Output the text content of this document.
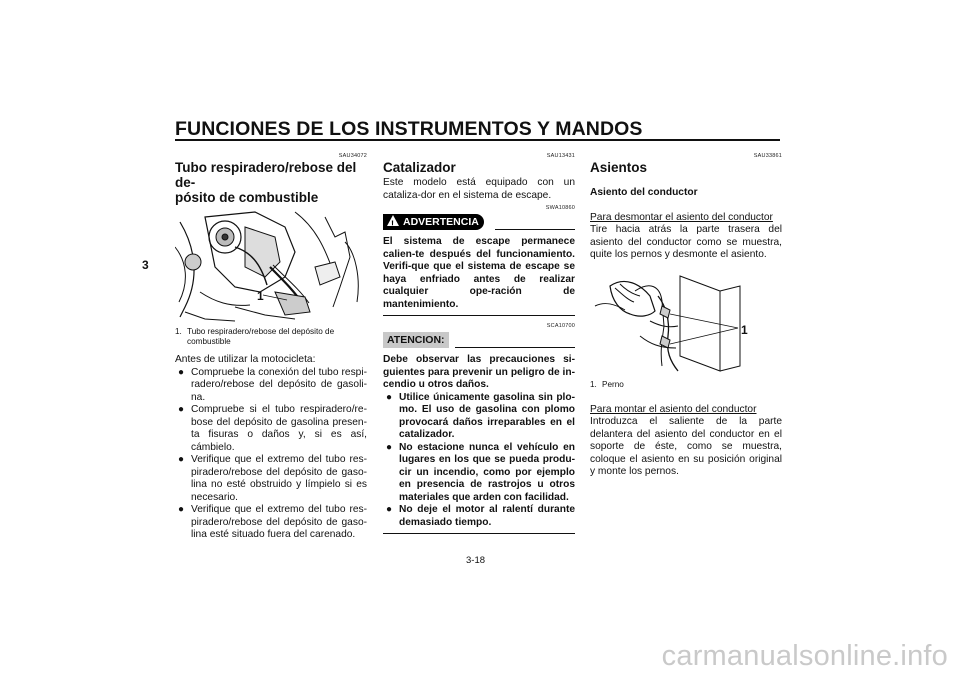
FUNCIONES DE LOS INSTRUMENTOS Y MANDOS
3
SAU34072
Tubo respiradero/rebose del de-
pósito de combustible
1
1. Tubo respiradero/rebose del depósito de
combustible

Antes de utilizar la motocicleta:

● Compruebe la conexión del tubo respi-radero/rebose del depósito de gasoli-na.
● Compruebe si el tubo respiradero/re-bose del depósito de gasolina presen-ta fisuras o daños y, si es así, cámbielo.
● Verifique que el extremo del tubo res-piradero/rebose del depósito de gaso-lina no esté obstruido y límpielo si es necesario.
● Verifique que el extremo del tubo res-piradero/rebose del depósito de gaso-lina esté situado fuera del carenado.
SAU13431
Catalizador

Este modelo está equipado con un cataliza-dor en el sistema de escape.

SWA10860
! ADVERTENCIA

El sistema de escape permanece calien-te después del funcionamiento. Verifi-que que el sistema de escape se haya enfriado antes de realizar cualquier ope-ración de mantenimiento.

SCA10700
ATENCION:

Debe observar las precauciones si-guientes para prevenir un peligro de in-cendio u otros daños.

● Utilice únicamente gasolina sin plo-mo. El uso de gasolina con plomo provocará daños irreparables en el catalizador.
● No estacione nunca el vehículo en lugares en los que se pueda produ-cir un incendio, como por ejemplo en presencia de rastrojos u otros materiales que arden con facilidad.
● No deje el motor al ralentí durante demasiado tiempo.
SAU33861
Asientos
Asiento del conductor
Para desmontar el asiento del conductor

Tire hacia atrás la parte trasera del asiento del conductor como se muestra, quite los pernos y desmonte el asiento.

1
1. Perno
Para montar el asiento del conductor

Introduzca el saliente de la parte delantera del asiento del conductor en el soporte de éste, como se muestra, coloque el asiento en su posición original y monte los pernos.

3-18
carmanualsonline.info
